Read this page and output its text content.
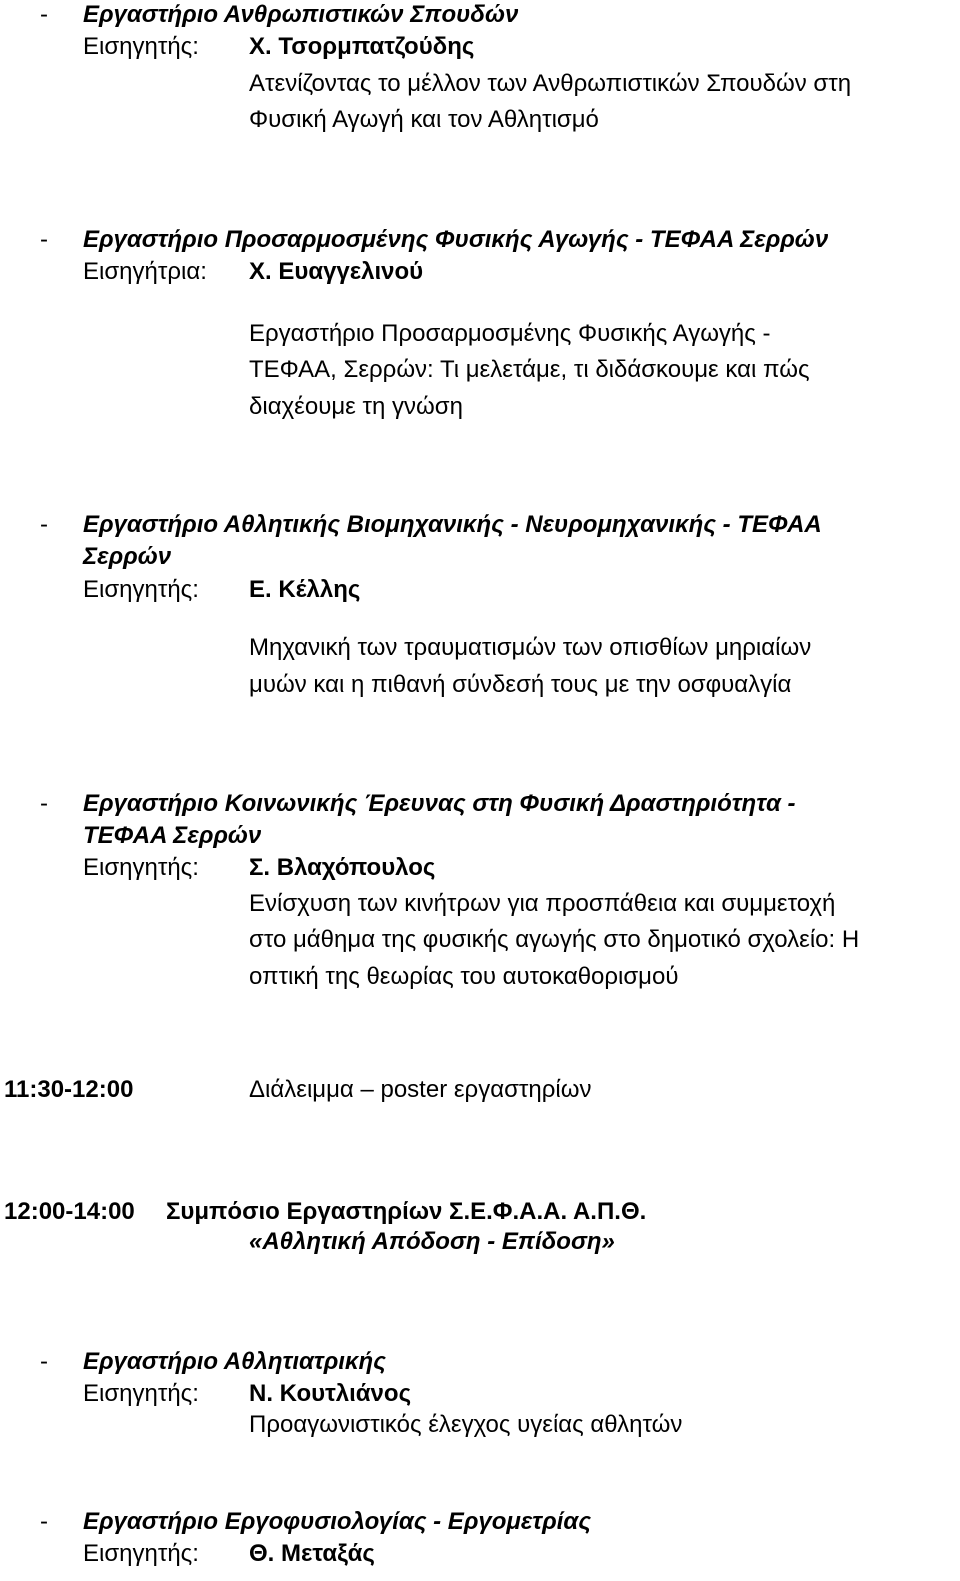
- Εργαστήριο Ανθρωπιστικών Σπουδών
Εισηγητής: Χ. Τσορμπατζούδης
Ατενίζοντας το μέλλον των Ανθρωπιστικών Σπουδών στη
Φυσική Αγωγή και τον Αθλητισμό
- Εργαστήριο Προσαρμοσμένης Φυσικής Αγωγής - ΤΕΦΑΑ Σερρών
Εισηγήτρια: Χ. Ευαγγελινού
Εργαστήριο Προσαρμοσμένης Φυσικής Αγωγής -
ΤΕΦΑΑ, Σερρών: Τι μελετάμε, τι διδάσκουμε και πώς
διαχέουμε τη γνώση
- Εργαστήριο Αθλητικής Βιομηχανικής - Νευρομηχανικής - ΤΕΦΑΑ
Σερρών
Εισηγητής: Ε. Κέλλης
Μηχανική των τραυματισμών των οπισθίων μηριαίων
μυών και η πιθανή σύνδεσή τους με την οσφυαλγία
- Εργαστήριο Κοινωνικής Έρευνας στη Φυσική Δραστηριότητα -
ΤΕΦΑΑ Σερρών
Εισηγητής: Σ. Βλαχόπουλος
Ενίσχυση των κινήτρων για προσπάθεια και συμμετοχή
στο μάθημα της φυσικής αγωγής στο δημοτικό σχολείο: Η
οπτική της θεωρίας του αυτοκαθορισμού
11:30-12:00	Διάλειμμα – poster εργαστηρίων
12:00-14:00 Συμπόσιο Εργαστηρίων Σ.Ε.Φ.Α.Α. Α.Π.Θ.
«Αθλητική Απόδοση - Επίδοση»
- Εργαστήριο Αθλητιατρικής
Εισηγητής: Ν. Κουτλιάνος
Προαγωνιστικός έλεγχος υγείας αθλητών
- Εργαστήριο Εργοφυσιολογίας - Εργομετρίας
Εισηγητής: Θ. Μεταξάς
